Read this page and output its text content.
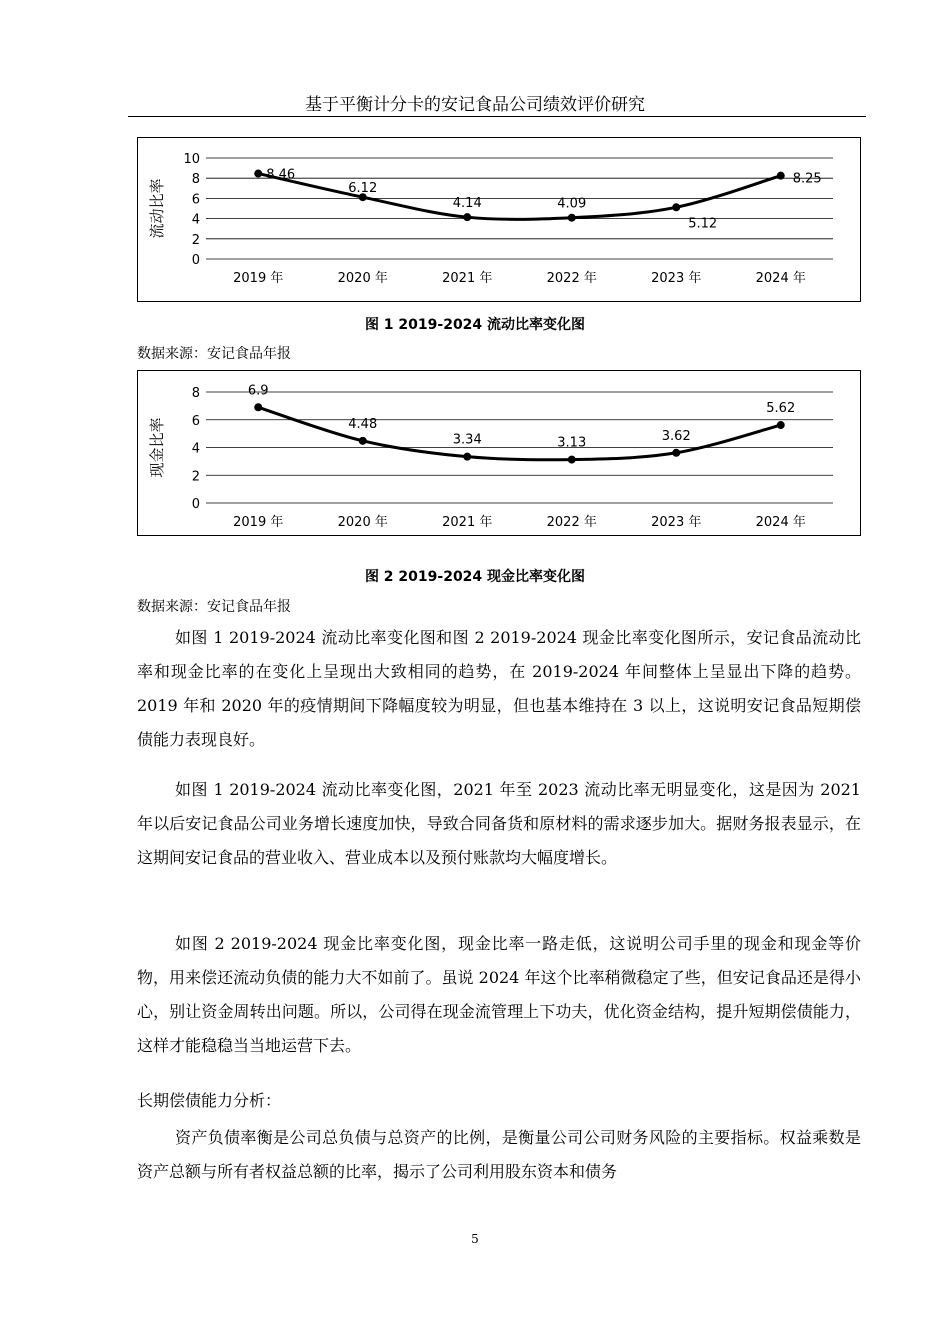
基于平衡计分卡的安记食品公司绩效评价研究
0
2
4
6
8
10
流动比率
2019 年	2020 年	2021 年	2022 年	2023 年	2024 年
8.46
6.12
4.14	4.09
5.12
8.25
图 1 2019-2024 流动比率变化图
数据来源：安记食品年报
0
2
4
6
8
现金比率
2019 年	2020 年	2021 年	2022 年	2023 年	2024 年
6.9
4.48
3.34	3.13	3.62
5.62
图 2 2019-2024 现金比率变化图
数据来源：安记食品年报

如图 1 2019-2024 流动比率变化图和图 2 2019-2024 现金比率变化图所示，安记食品流动比率和现金比率的在变化上呈现出大致相同的趋势，在 2019-2024 年间整体上呈显出下降的趋势。2019 年和 2020 年的疫情期间下降幅度较为明显，但也基本维持在 3 以上，这说明安记食品短期偿债能力表现良好。

如图 1 2019-2024 流动比率变化图，2021 年至 2023 流动比率无明显变化，这是因为 2021 年以后安记食品公司业务增长速度加快，导致合同备货和原材料的需求逐步加大。据财务报表显示，在这期间安记食品的营业收入、营业成本以及预付账款均大幅度增长。

如图 2 2019-2024 现金比率变化图，现金比率一路走低，这说明公司手里的现金和现金等价物，用来偿还流动负债的能力大不如前了。虽说 2024 年这个比率稍微稳定了些，但安记食品还是得小心，别让资金周转出问题。所以，公司得在现金流管理上下功夫，优化资金结构，提升短期偿债能力，这样才能稳稳当当地运营下去。

长期偿债能力分析：

资产负债率衡是公司总负债与总资产的比例，是衡量公司公司财务风险的主要指标。权益乘数是资产总额与所有者权益总额的比率，揭示了公司利用股东资本和债务

5
